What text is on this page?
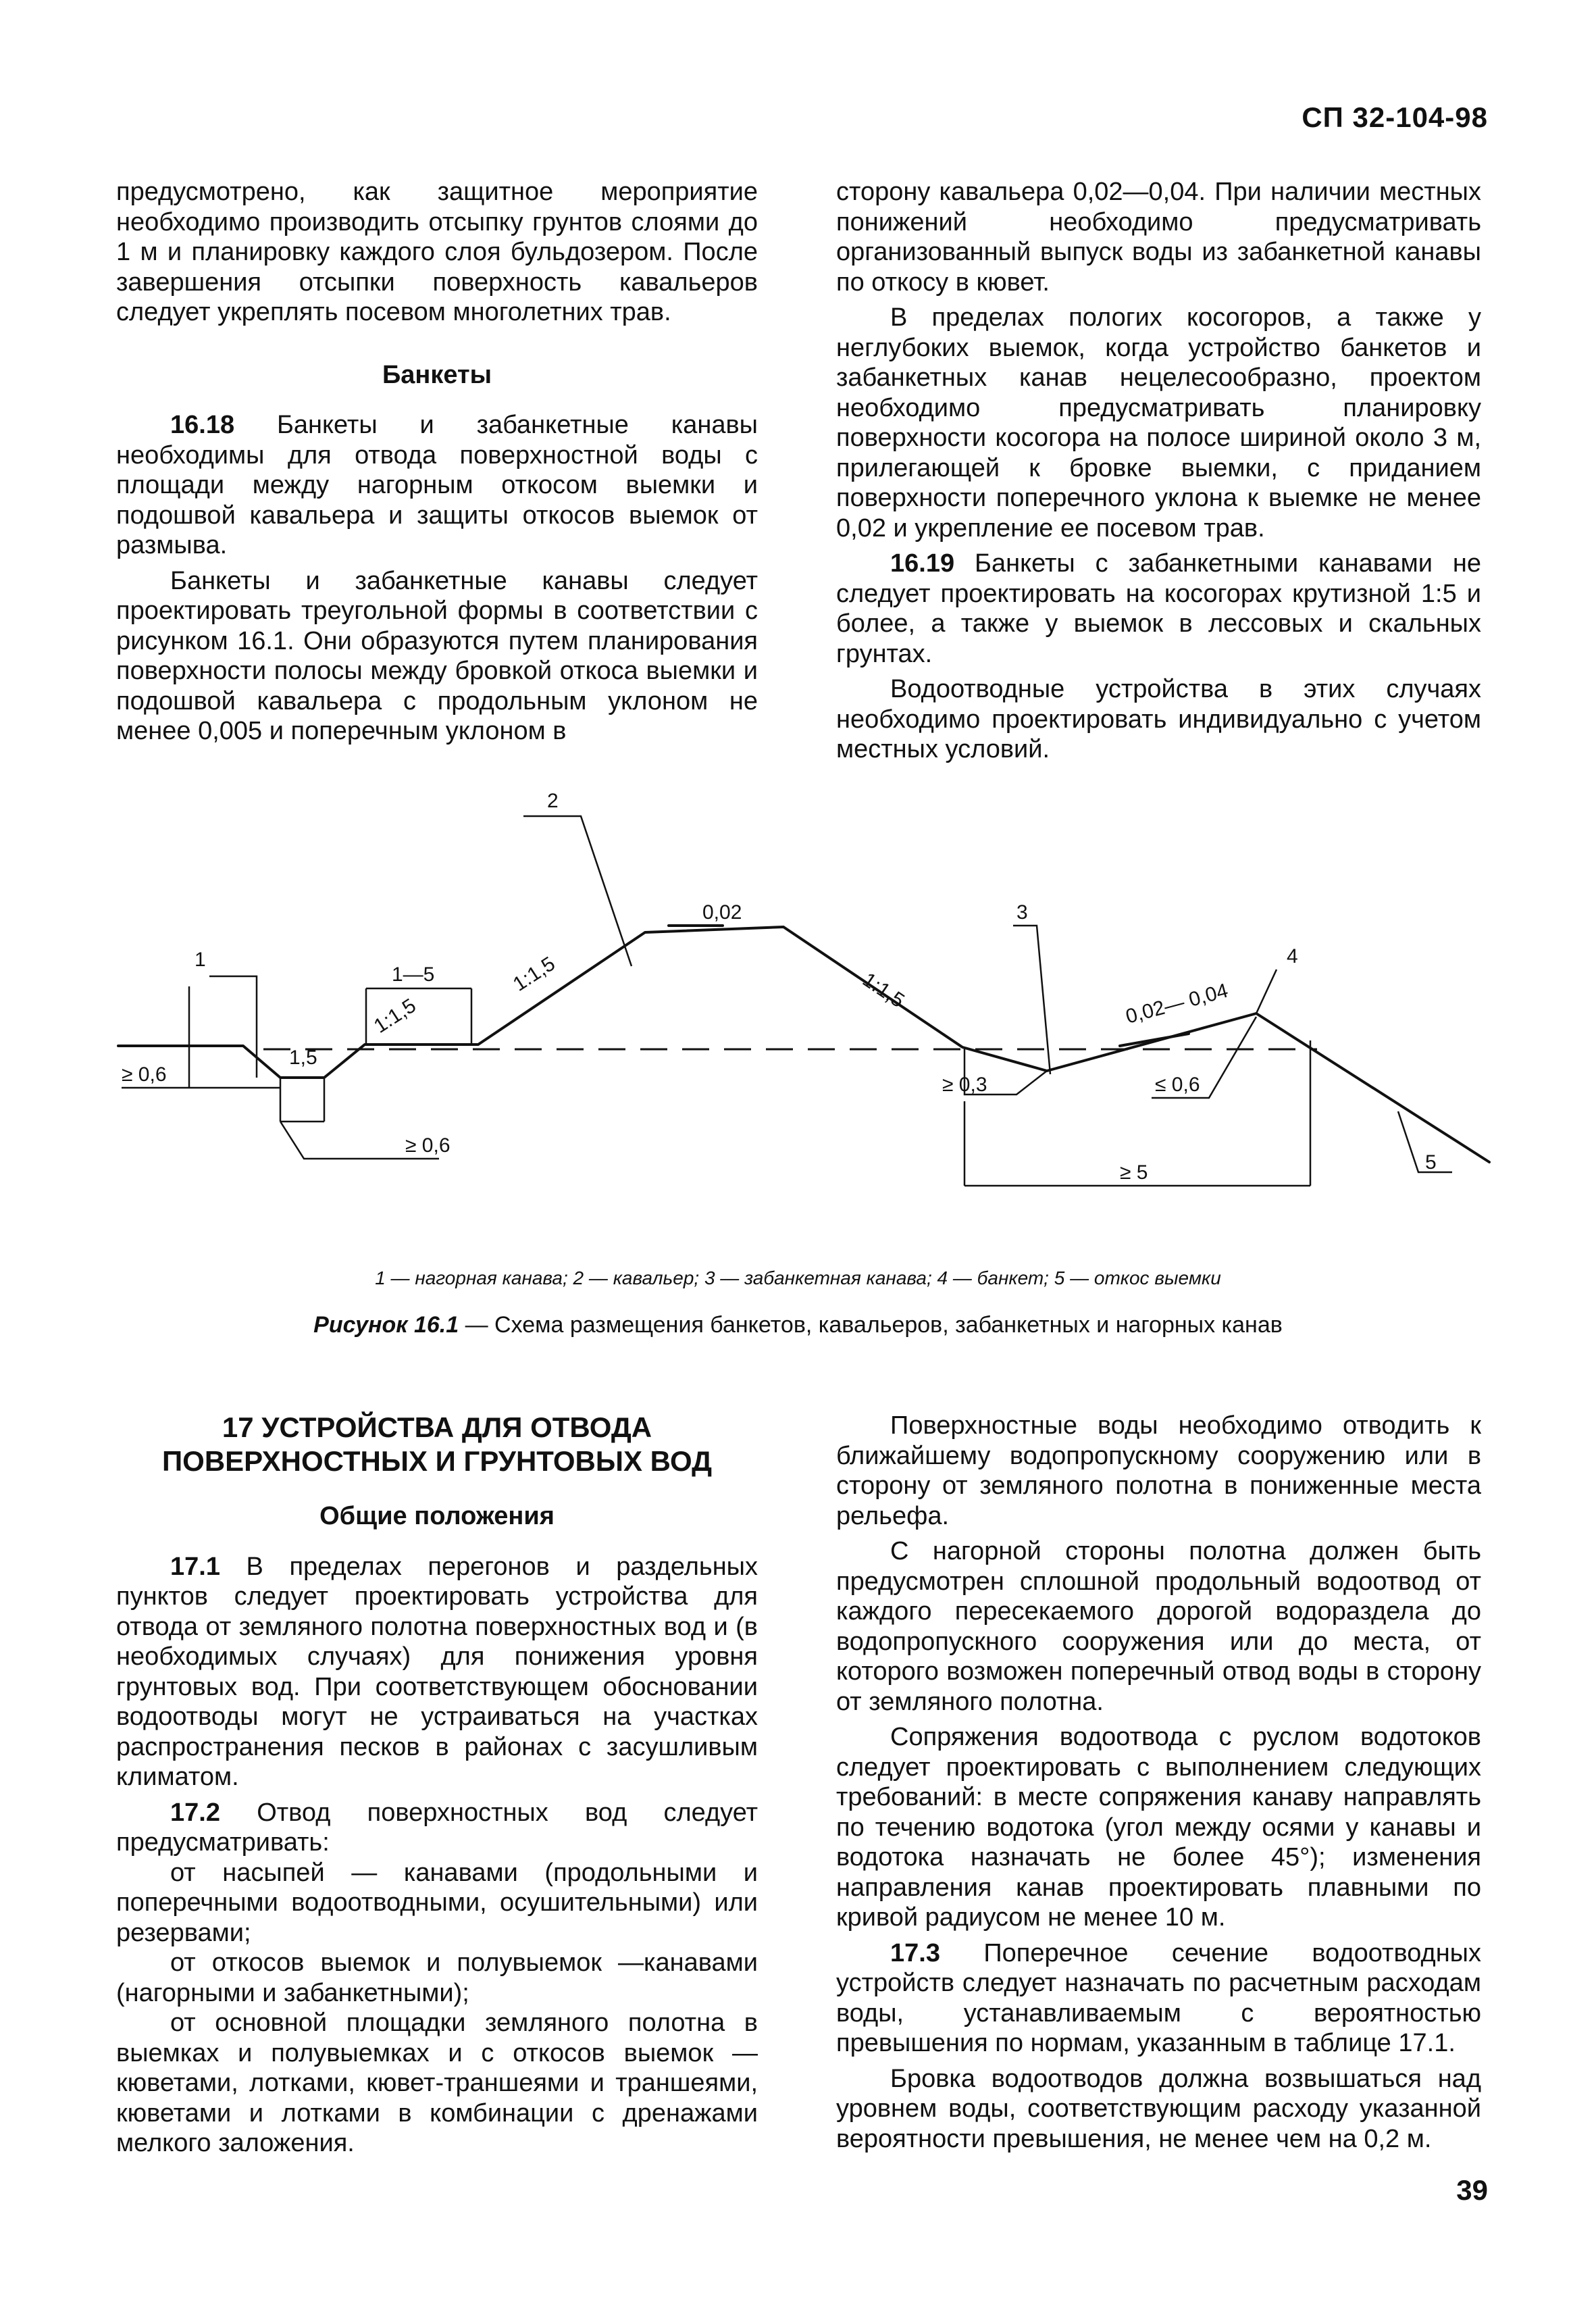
СП 32-104-98

предусмотрено, как защитное мероприятие необходимо производить отсыпку грунтов слоями до 1 м и планировку каждого слоя бульдозером. После завершения отсыпки поверхность кавальеров следует укреплять посевом многолетних трав.

Банкеты

16.18 Банкеты и забанкетные канавы необходимы для отвода поверхностной воды с площади между нагорным откосом выемки и подошвой кавальера и защиты откосов выемок от размыва.

Банкеты и забанкетные канавы следует проектировать треугольной формы в соответствии с рисунком 16.1. Они образуются путем планирования поверхности полосы между бровкой откоса выемки и подошвой кавальера с продольным уклоном не менее 0,005 и поперечным уклоном в

сторону кавальера 0,02—0,04. При наличии местных понижений необходимо предусматривать организованный выпуск воды из забанкетной канавы по откосу в кювет.

В пределах пологих косогоров, а также у неглубоких выемок, когда устройство банкетов и забанкетных канав нецелесообразно, проектом необходимо предусматривать планировку поверхности косогора на полосе шириной около 3 м, прилегающей к бровке выемки, с приданием поверхности поперечного уклона к выемке не менее 0,02 и укрепление ее посевом трав.

16.19 Банкеты с забанкетными канавами не следует проектировать на косогорах крутизной 1:5 и более, а также у выемок в лессовых и скальных грунтах.

Водоотводные устройства в этих случаях необходимо проектировать индивидуально с учетом местных условий.

1
2
3
4
5
1:1,5	1:1,5
1:1,5
1—5
0,02
0,02— 0,04
≥ 0,6
≥ 0,6
≥ 0,3	≤ 0,6
≥ 5
1,5
1 — нагорная канава; 2 — кавальер; 3 — забанкетная канава; 4 — банкет; 5 — откос выемки
Рисунок 16.1 — Схема размещения банкетов, кавальеров, забанкетных и нагорных канав

17 УСТРОЙСТВА ДЛЯ ОТВОДА ПОВЕРХНОСТНЫХ И ГРУНТОВЫХ ВОД

Общие положения

17.1 В пределах перегонов и раздельных пунктов следует проектировать устройства для отвода от земляного полотна поверхностных вод и (в необходимых случаях) для понижения уровня грунтовых вод. При соответствующем обосновании водоотводы могут не устраиваться на участках распространения песков в районах с засушливым климатом.

17.2 Отвод поверхностных вод следует предусматривать:

от насыпей — канавами (продольными и поперечными водоотводными, осушительными) или резервами;

от откосов выемок и полувыемок —канавами (нагорными и забанкетными);

от основной площадки земляного полотна в выемках и полувыемках и с откосов выемок — кюветами, лотками, кювет-траншеями и траншеями, кюветами и лотками в комбинации с дренажами мелкого заложения.

Поверхностные воды необходимо отводить к ближайшему водопропускному сооружению или в сторону от земляного полотна в пониженные места рельефа.

С нагорной стороны полотна должен быть предусмотрен сплошной продольный водоотвод от каждого пересекаемого дорогой водораздела до водопропускного сооружения или до места, от которого возможен поперечный отвод воды в сторону от земляного полотна.

Сопряжения водоотвода с руслом водотоков следует проектировать с выполнением следующих требований: в месте сопряжения канаву направлять по течению водотока (угол между осями у канавы и водотока назначать не более 45°); изменения направления канав проектировать плавными по кривой радиусом не менее 10 м.

17.3 Поперечное сечение водоотводных устройств следует назначать по расчетным расходам воды, устанавливаемым с вероятностью превышения по нормам, указанным в таблице 17.1.

Бровка водоотводов должна возвышаться над уровнем воды, соответствующим расходу указанной вероятности превышения, не менее чем на 0,2 м.

39
